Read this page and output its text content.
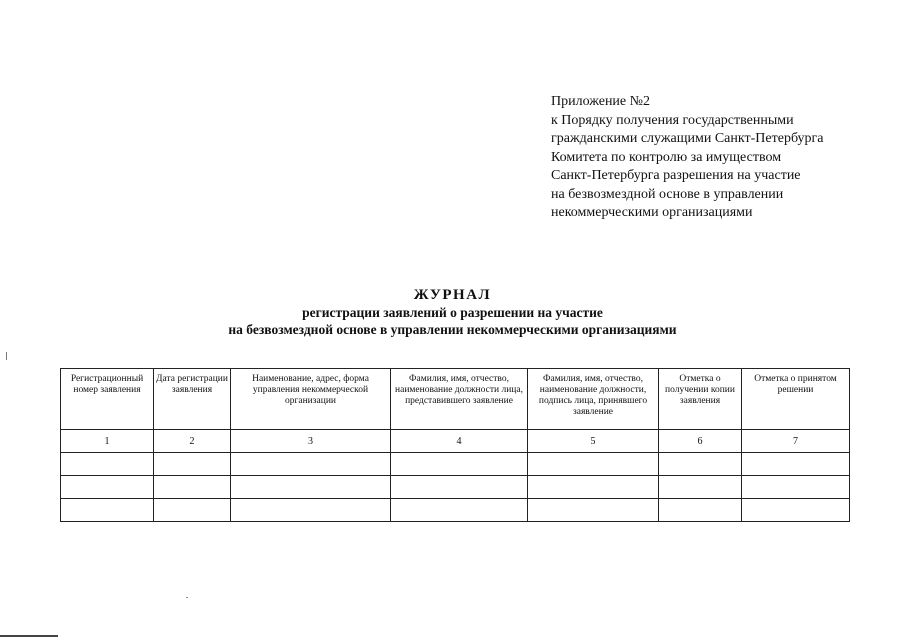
Приложение №2
к Порядку получения государственными
гражданскими служащими Санкт-Петербурга
Комитета по контролю за имуществом
Санкт-Петербурга разрешения на участие
на безвозмездной основе в управлении
некоммерческими организациями
ЖУРНАЛ
регистрации заявлений о разрешении на участие
на безвозмездной основе в управлении некоммерческими организациями
Регистрационный номер заявления	Дата регистрации заявления	Наименование, адрес, форма управления некоммерческой организации	Фамилия, имя, отчество, наименование должности лица, представившего заявление	Фамилия, имя, отчество, наименование должности, подпись лица, принявшего заявление	Отметка о получении копии заявления	Отметка о принятом решении
1	2	3	4	5	6	7
